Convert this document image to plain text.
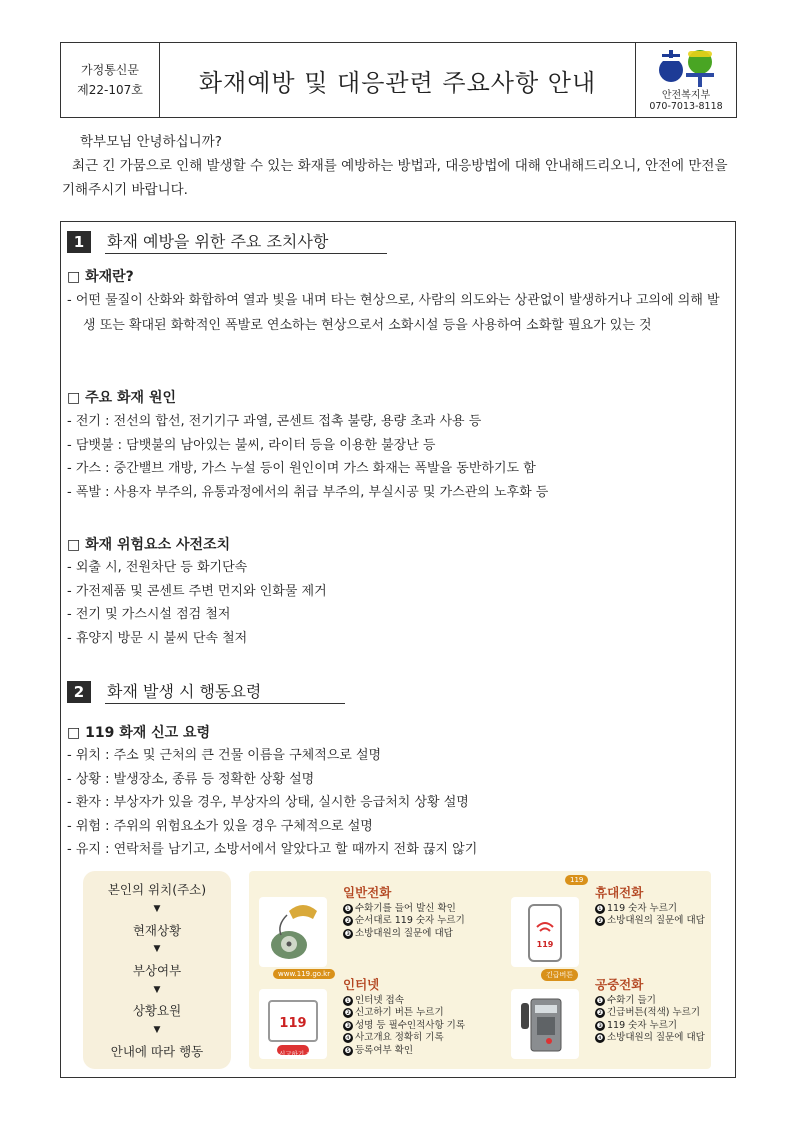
가정통신문
제22-107호	화재예방 및 대응관련 주요사항 안내	안전복지부
070-7013-8118

학부모님 안녕하십니까?

최근 긴 가뭄으로 인해 발생할 수 있는 화재를 예방하는 방법과, 대응방법에 대해 안내해드리오니, 안전에 만전을 기해주시기 바랍니다.

1	화재 예방을 위한 주요 조치사항
□ 화재란?
- 어떤 물질이 산화와 화합하여 열과 빛을 내며 타는 현상으로, 사람의 의도와는 상관없이 발생하거나 고의에 의해 발생 또는 확대된 화학적인 폭발로 연소하는 현상으로서 소화시설 등을 사용하여 소화할 필요가 있는 것
□ 주요 화재 원인
- 전기 : 전선의 합선, 전기기구 과열, 콘센트 접촉 불량, 용량 초과 사용 등
- 담뱃불 : 담뱃불의 남아있는 불씨, 라이터 등을 이용한 불장난 등
- 가스 : 중간밸브 개방, 가스 누설 등이 원인이며 가스 화재는 폭발을 동반하기도 함
- 폭발 : 사용자 부주의, 유통과정에서의 취급 부주의, 부실시공 및 가스관의 노후화 등
□ 화재 위험요소 사전조치
- 외출 시, 전원차단 등 화기단속
- 가전제품 및 콘센트 주변 먼지와 인화물 제거
- 전기 및 가스시설 점검 철저
- 휴양지 방문 시 불씨 단속 철저
2	화재 발생 시 행동요령
□ 119 화재 신고 요령
- 위치 : 주소 및 근처의 큰 건물 이름을 구체적으로 설명
- 상황 : 발생장소, 종류 등 정확한 상황 설명
- 환자 : 부상자가 있을 경우, 부상자의 상태, 실시한 응급처치 상황 설명
- 위험 : 주위의 위험요소가 있을 경우 구체적으로 설명
- 유지 : 연락처를 남기고, 소방서에서 알았다고 할 때까지 전화 끊지 않기
본인의 위치(주소)
▼
현재상황
▼
부상여부
▼
상황요원
▼
안내에 따라 행동
일반전화
❶ 수화기를 들어 발신 확인
❷ 순서대로 119 숫자 누르기
❸ 소방대원의 질문에 대답
119
119
휴대전화
❶ 119 숫자 누르기
❷ 소방대원의 질문에 대답
119
www.119.go.kr
신고하기 >
인터넷
❶ 인터넷 접속
❷ 신고하기 버튼 누르기
❸ 성명 등 필수인적사항 기록
❹ 사고개요 정확히 기록
❺ 등록여부 확인
긴급버튼
공중전화
❶ 수화기 들기
❷ 긴급버튼(적색) 누르기
❸ 119 숫자 누르기
❹ 소방대원의 질문에 대답
